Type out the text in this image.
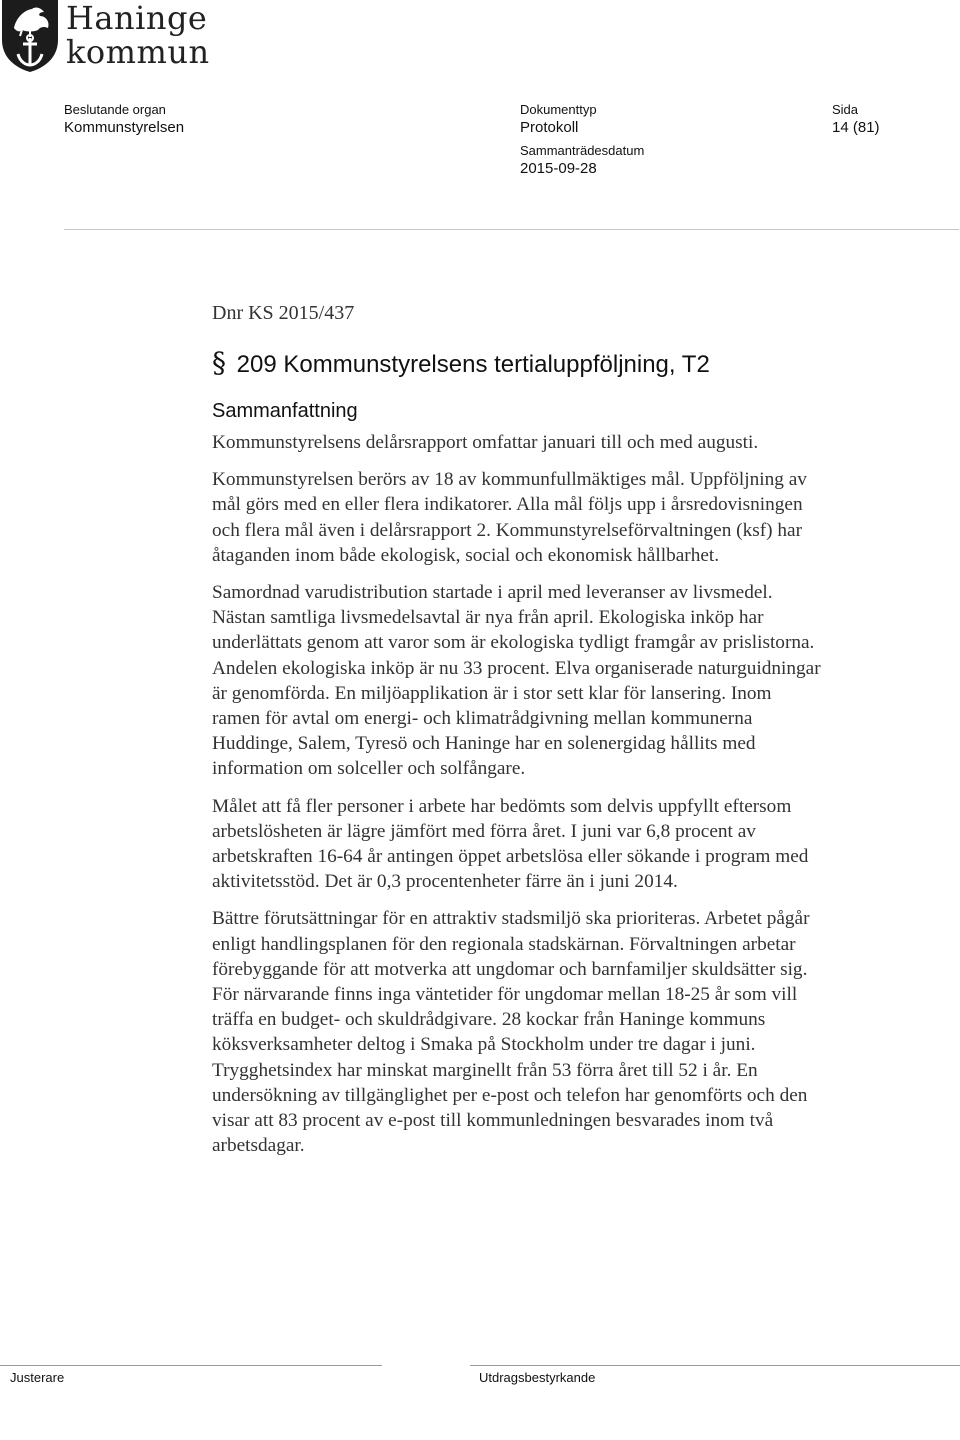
Haninge
kommun
Beslutande organ
Kommunstyrelsen
Dokumenttyp
Protokoll
Sammanträdesdatum
2015-09-28
Sida
14 (81)
Dnr KS 2015/437
§ 209 Kommunstyrelsens tertialuppföljning, T2
Sammanfattning

Kommunstyrelsens delårsrapport omfattar januari till och med augusti.

Kommunstyrelsen berörs av 18 av kommunfullmäktiges mål. Uppföljning av mål görs med en eller flera indikatorer. Alla mål följs upp i årsredovisningen och flera mål även i delårsrapport 2. Kommunstyrelseförvaltningen (ksf) har åtaganden inom både ekologisk, social och ekonomisk hållbarhet.

Samordnad varudistribution startade i april med leveranser av livsmedel. Nästan samtliga livsmedelsavtal är nya från april. Ekologiska inköp har underlättats genom att varor som är ekologiska tydligt framgår av prislistorna. Andelen ekologiska inköp är nu 33 procent. Elva organiserade naturguidningar är genomförda. En miljöapplikation är i stor sett klar för lansering. Inom ramen för avtal om energi- och klimatrådgivning mellan kommunerna Huddinge, Salem, Tyresö och Haninge har en solenergidag hållits med information om solceller och solfångare.

Målet att få fler personer i arbete har bedömts som delvis uppfyllt eftersom arbetslösheten är lägre jämfört med förra året. I juni var 6,8 procent av arbetskraften 16-64 år antingen öppet arbetslösa eller sökande i program med aktivitetsstöd. Det är 0,3 procentenheter färre än i juni 2014.

Bättre förutsättningar för en attraktiv stadsmiljö ska prioriteras. Arbetet pågår enligt handlingsplanen för den regionala stadskärnan. Förvaltningen arbetar förebyggande för att motverka att ungdomar och barnfamiljer skuldsätter sig. För närvarande finns inga väntetider för ungdomar mellan 18-25 år som vill träffa en budget- och skuldrådgivare. 28 kockar från Haninge kommuns köksverksamheter deltog i Smaka på Stockholm under tre dagar i juni. Trygghetsindex har minskat marginellt från 53 förra året till 52 i år. En undersökning av tillgänglighet per e-post och telefon har genomförts och den visar att 83 procent av e-post till kommunledningen besvarades inom två arbetsdagar.

Justerare	Utdragsbestyrkande
